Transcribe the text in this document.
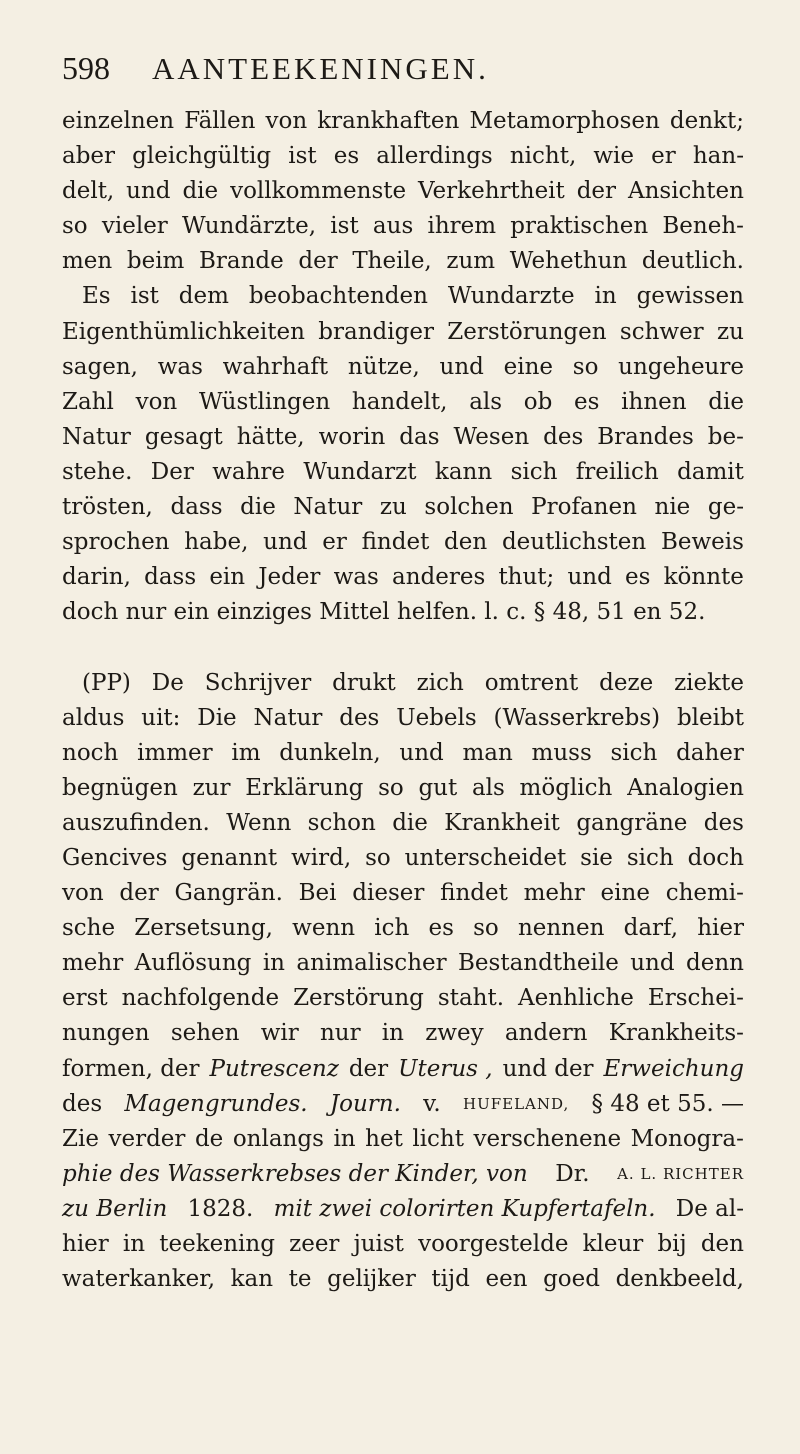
598 AANTEEKENINGEN.
einzelnen Fällen von krankhaften Metamorphosen denkt;
aber gleichgültig ist es allerdings nicht, wie er han-
delt, und die vollkommenste Verkehrtheit der Ansichten
so vieler Wundärzte, ist aus ihrem praktischen Beneh-
men beim Brande der Theile, zum Wehethun deutlich.
Es ist dem beobachtenden Wundarzte in gewissen
Eigenthümlichkeiten brandiger Zerstörungen schwer zu
sagen, was wahrhaft nütze, und eine so ungeheure
Zahl von Wüstlingen handelt, als ob es ihnen die
Natur gesagt hätte, worin das Wesen des Brandes be-
stehe. Der wahre Wundarzt kann sich freilich damit
trösten, dass die Natur zu solchen Profanen nie ge-
sprochen habe, und er findet den deutlichsten Beweis
darin, dass ein Jeder was anderes thut; und es könnte
doch nur ein einziges Mittel helfen. l. c. § 48, 51 en 52.
(PP) De Schrijver drukt zich omtrent deze ziekte
aldus uit: Die Natur des Uebels (Wasserkrebs) bleibt
noch immer im dunkeln, und man muss sich daher
begnügen zur Erklärung so gut als möglich Analogien
auszufinden. Wenn schon die Krankheit gangräne des
Gencives genannt wird, so unterscheidet sie sich doch
von der Gangrän. Bei dieser findet mehr eine chemi-
sche Zersetsung, wenn ich es so nennen darf, hier
mehr Auflösung in animalischer Bestandtheile und denn
erst nachfolgende Zerstörung staht. Aenhliche Erschei-
nungen sehen wir nur in zwey andern Krankheits-
formen, der Putrescenz der Uterus , und der Erweichung
des Magengrundes. Journ. v. HUFELAND, § 48 et 55. —
Zie verder de onlangs in het licht verschenene Monogra-
phie des Wasserkrebses der Kinder, von Dr. A. L. RICHTER
zu Berlin 1828. mit zwei colorirten Kupfertafeln. De al-
hier in teekening zeer juist voorgestelde kleur bij den
waterkanker, kan te gelijker tijd een goed denkbeeld,
